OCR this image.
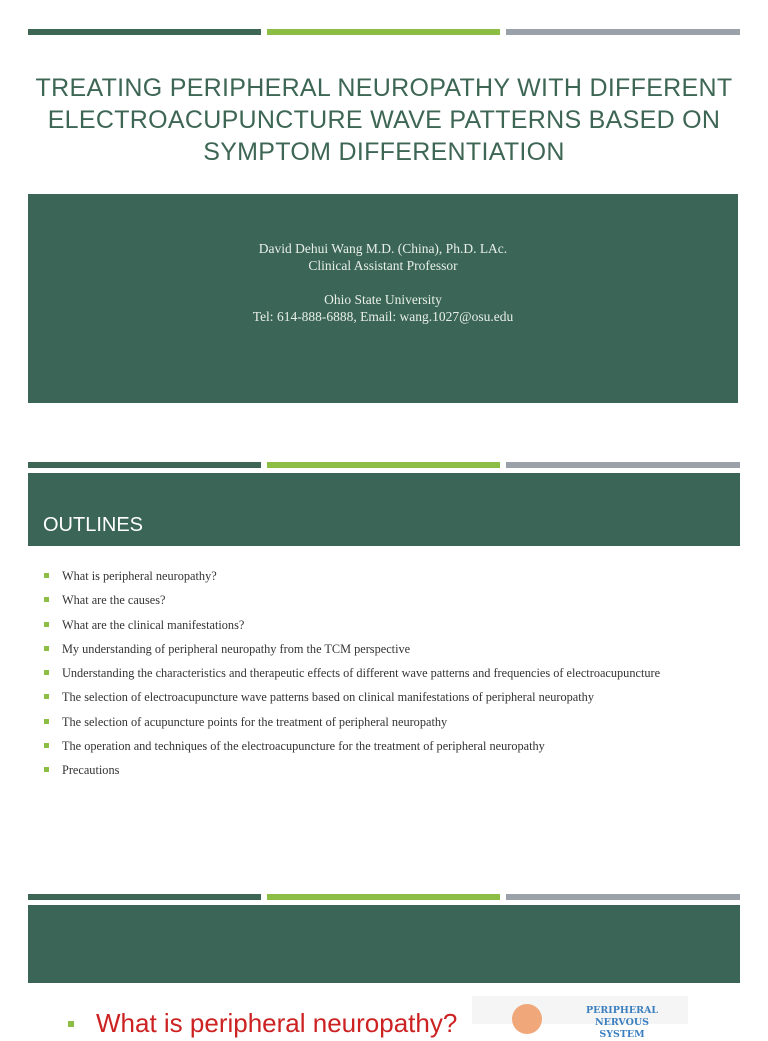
TREATING PERIPHERAL NEUROPATHY WITH DIFFERENT ELECTROACUPUNCTURE WAVE PATTERNS BASED ON SYMPTOM DIFFERENTIATION
David Dehui Wang M.D. (China), Ph.D. LAc.
Clinical Assistant Professor
Ohio State University
Tel: 614-888-6888, Email: wang.1027@osu.edu
OUTLINES
What is peripheral neuropathy?
What are the causes?
What are the clinical manifestations?
My understanding of peripheral neuropathy from the TCM perspective
Understanding the characteristics and therapeutic effects of different wave patterns and frequencies of electroacupuncture
The selection of electroacupuncture wave patterns based on clinical manifestations of peripheral neuropathy
The selection of acupuncture points for the treatment of peripheral neuropathy
The operation and techniques of the electroacupuncture for the treatment of peripheral neuropathy
Precautions
What is peripheral neuropathy?	PERIPHERAL
NERVOUS SYSTEM
